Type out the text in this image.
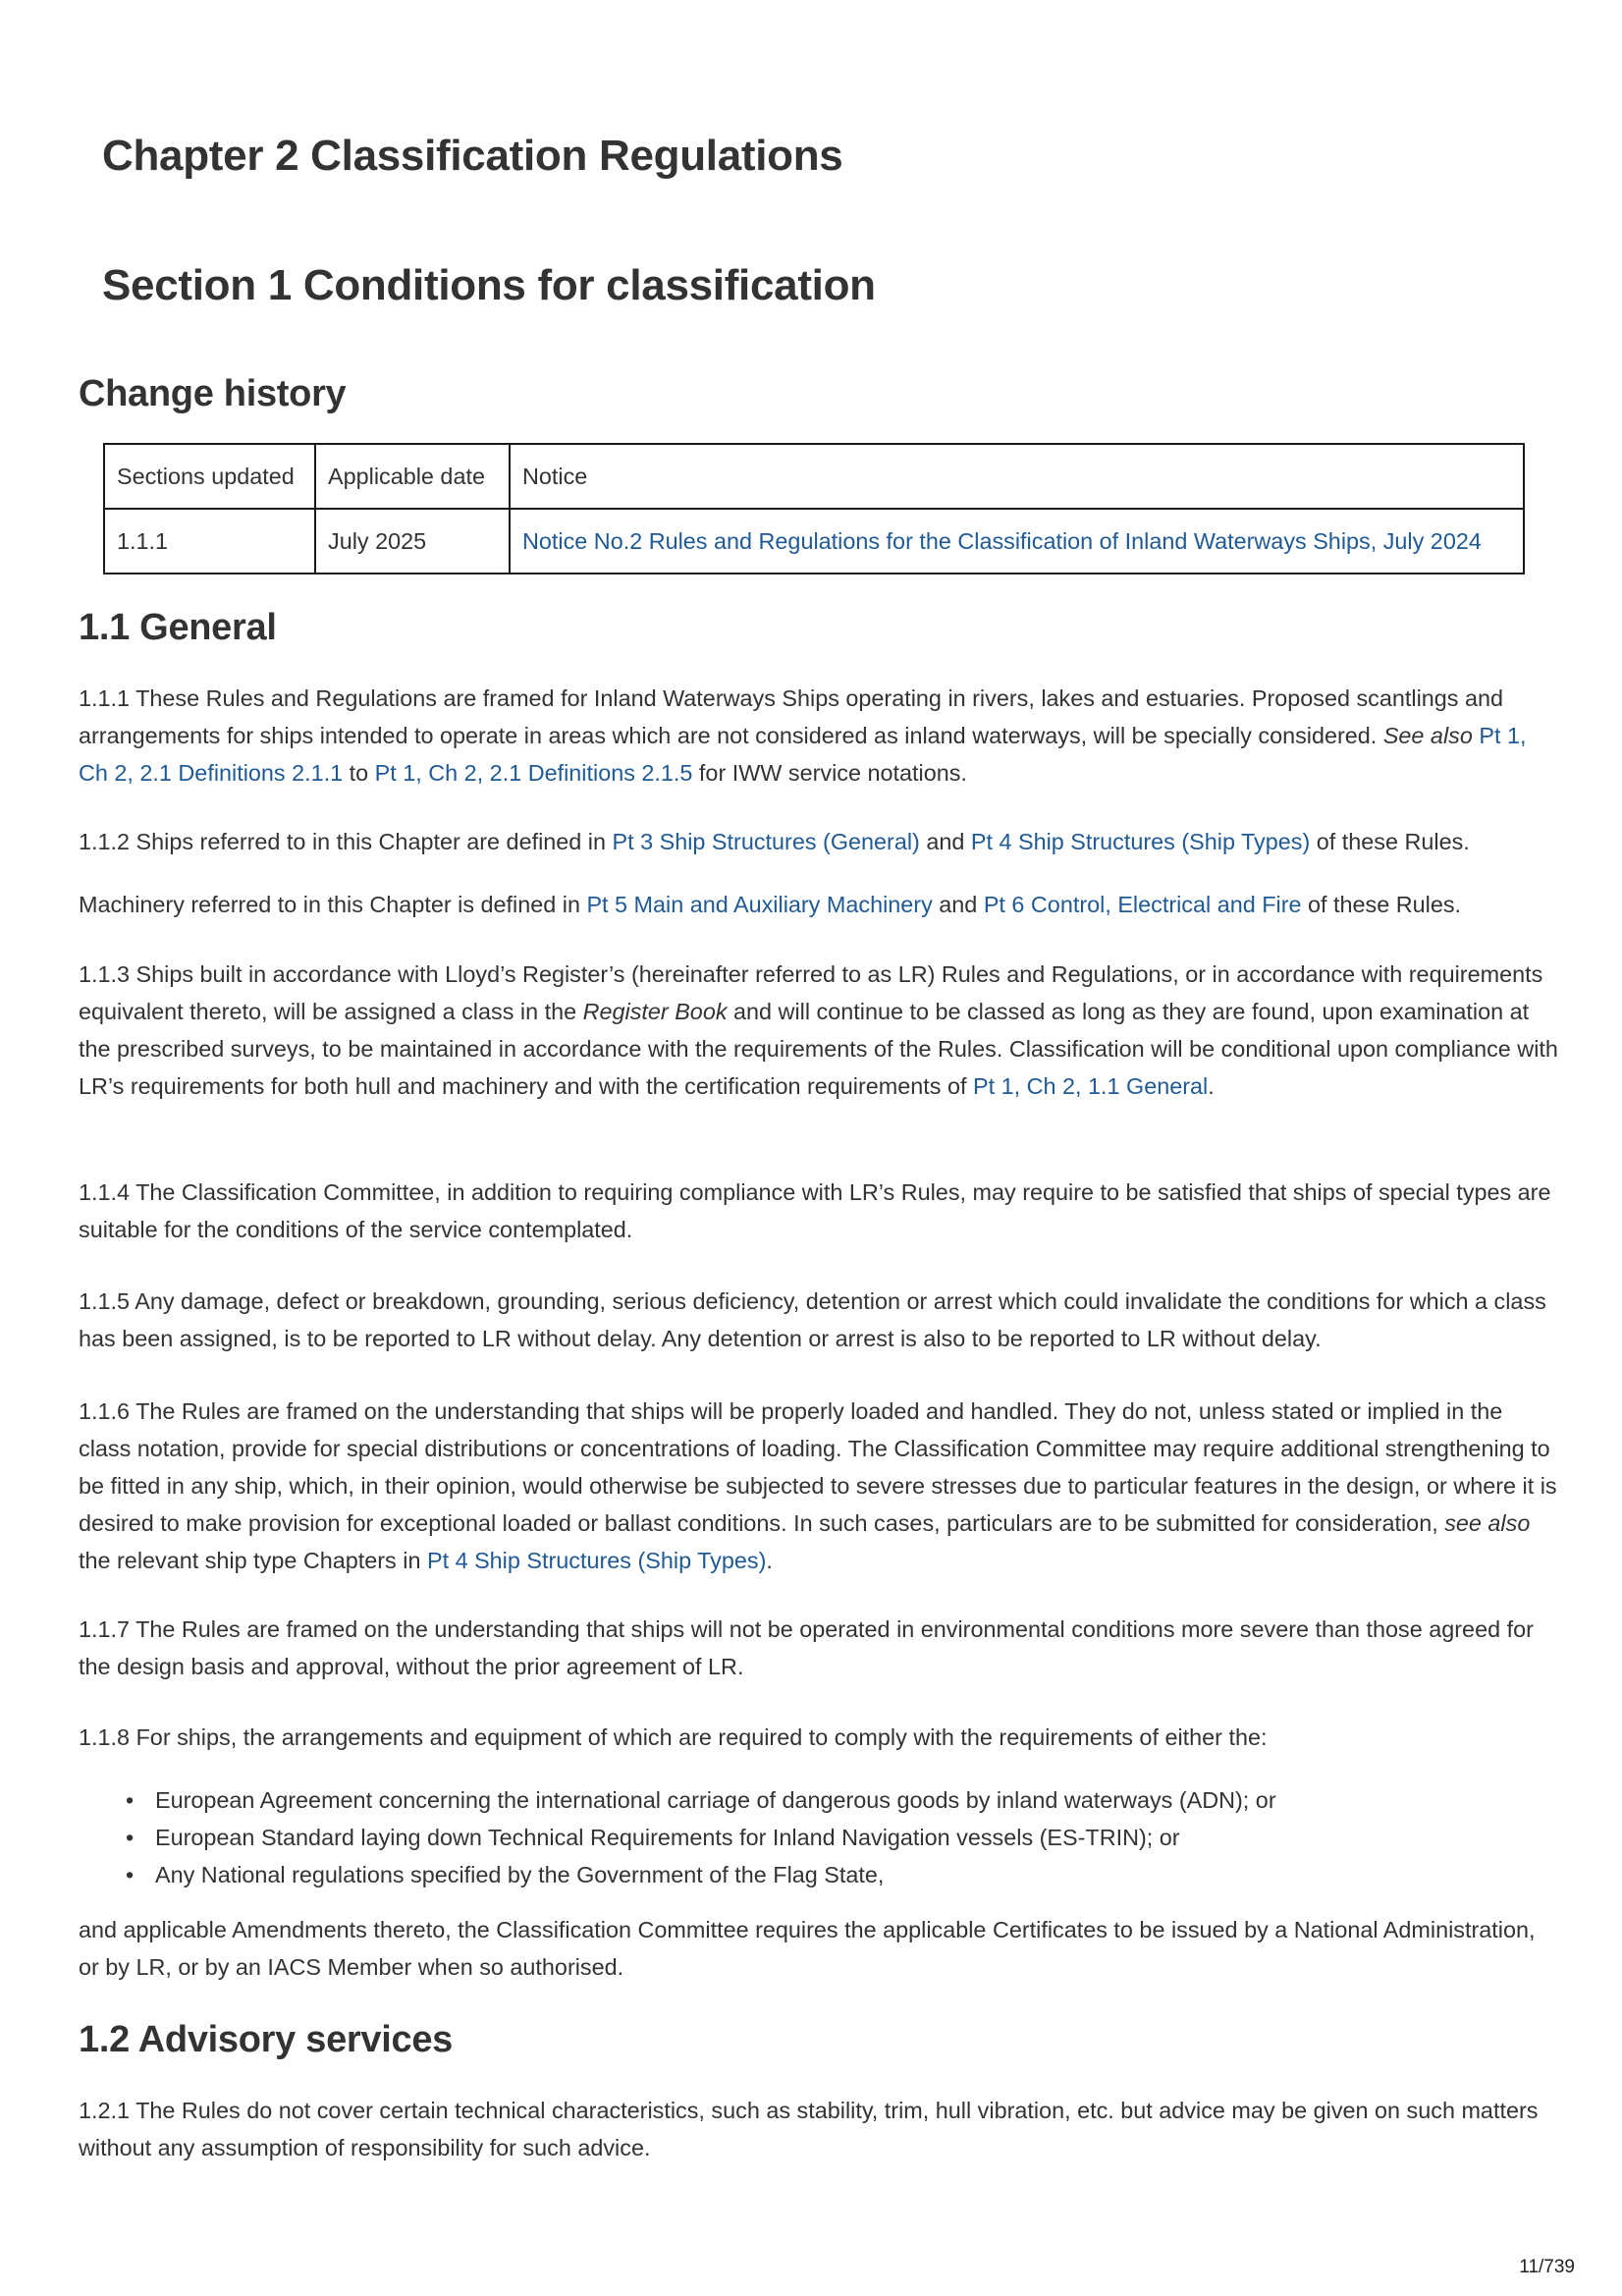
Chapter 2 Classification Regulations
Section 1 Conditions for classification
Change history
Sections updated	Applicable date	Notice
1.1.1	July 2025	Notice No.2 Rules and Regulations for the Classification of Inland Waterways Ships, July 2024
1.1 General

1.1.1 These Rules and Regulations are framed for Inland Waterways Ships operating in rivers, lakes and estuaries. Proposed scantlings and arrangements for ships intended to operate in areas which are not considered as inland waterways, will be specially considered. See also Pt 1, Ch 2, 2.1 Definitions 2.1.1 to Pt 1, Ch 2, 2.1 Definitions 2.1.5 for IWW service notations.

1.1.2 Ships referred to in this Chapter are defined in Pt 3 Ship Structures (General) and Pt 4 Ship Structures (Ship Types) of these Rules.

Machinery referred to in this Chapter is defined in Pt 5 Main and Auxiliary Machinery and Pt 6 Control, Electrical and Fire of these Rules.

1.1.3 Ships built in accordance with Lloyd’s Register’s (hereinafter referred to as LR) Rules and Regulations, or in accordance with requirements equivalent thereto, will be assigned a class in the Register Book and will continue to be classed as long as they are found, upon examination at the prescribed surveys, to be maintained in accordance with the requirements of the Rules. Classification will be conditional upon compliance with LR’s requirements for both hull and machinery and with the certification requirements of Pt 1, Ch 2, 1.1 General.

1.1.4 The Classification Committee, in addition to requiring compliance with LR’s Rules, may require to be satisfied that ships of special types are suitable for the conditions of the service contemplated.

1.1.5 Any damage, defect or breakdown, grounding, serious deficiency, detention or arrest which could invalidate the conditions for which a class has been assigned, is to be reported to LR without delay. Any detention or arrest is also to be reported to LR without delay.

1.1.6 The Rules are framed on the understanding that ships will be properly loaded and handled. They do not, unless stated or implied in the class notation, provide for special distributions or concentrations of loading. The Classification Committee may require additional strengthening to be fitted in any ship, which, in their opinion, would otherwise be subjected to severe stresses due to particular features in the design, or where it is desired to make provision for exceptional loaded or ballast conditions. In such cases, particulars are to be submitted for consideration, see also the relevant ship type Chapters in Pt 4 Ship Structures (Ship Types).

1.1.7 The Rules are framed on the understanding that ships will not be operated in environmental conditions more severe than those agreed for the design basis and approval, without the prior agreement of LR.

1.1.8 For ships, the arrangements and equipment of which are required to comply with the requirements of either the:

• European Agreement concerning the international carriage of dangerous goods by inland waterways (ADN); or
• European Standard laying down Technical Requirements for Inland Navigation vessels (ES-TRIN); or
• Any National regulations specified by the Government of the Flag State,

and applicable Amendments thereto, the Classification Committee requires the applicable Certificates to be issued by a National Administration, or by LR, or by an IACS Member when so authorised.

1.2 Advisory services

1.2.1 The Rules do not cover certain technical characteristics, such as stability, trim, hull vibration, etc. but advice may be given on such matters without any assumption of responsibility for such advice.

11/739
